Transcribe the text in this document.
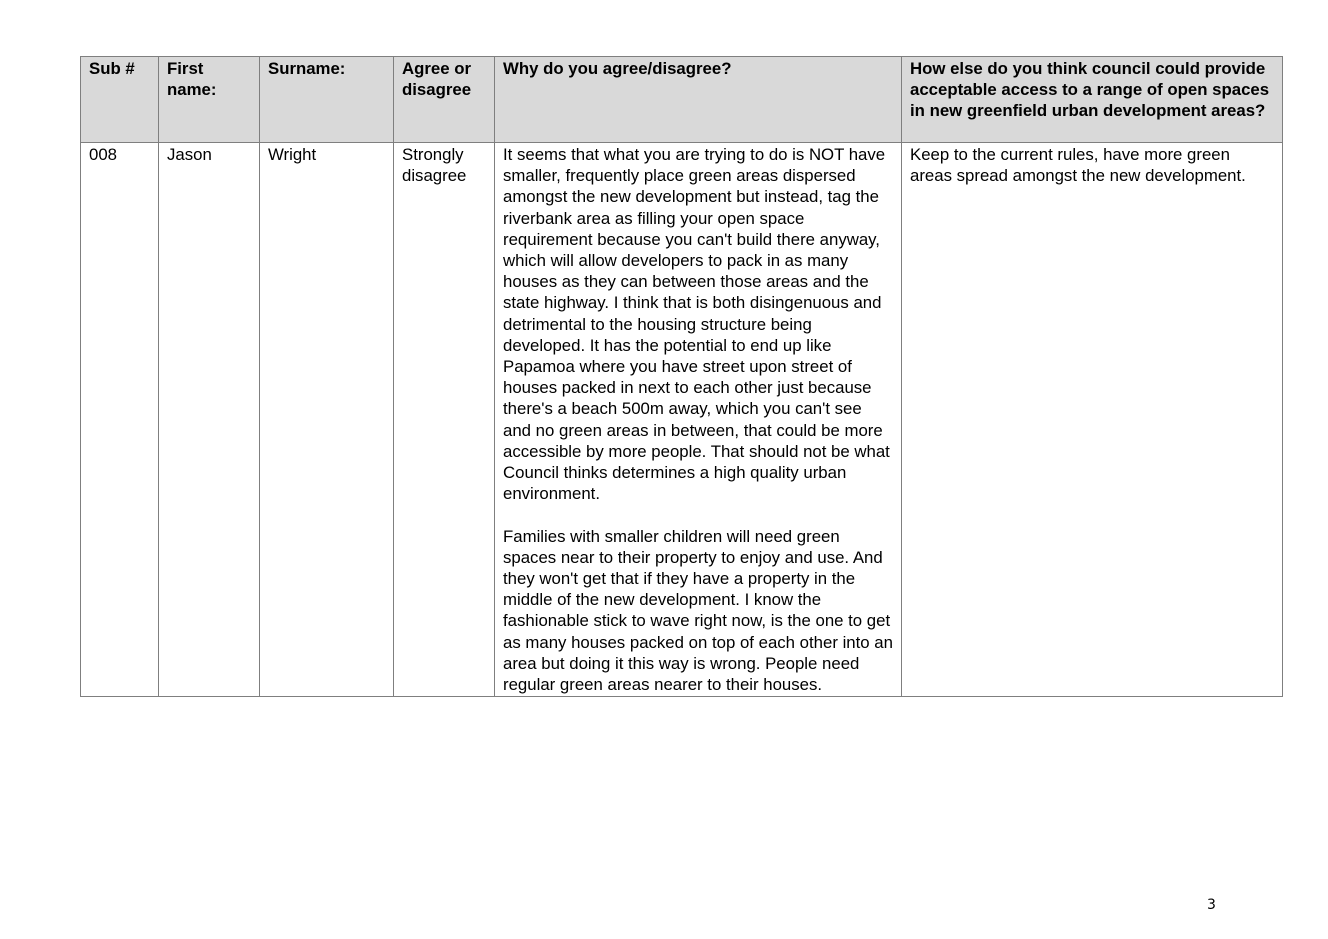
Sub #	First name:	Surname:	Agree or disagree	Why do you agree/disagree?	How else do you think council could provide acceptable access to a range of open spaces in new greenfield urban development areas?
008	Jason	Wright	Strongly disagree	It seems that what you are trying to do is NOT have smaller, frequently place green areas dispersed amongst the new development but instead, tag the riverbank area as filling your open space requirement because you can't build there anyway, which will allow developers to pack in as many houses as they can between those areas and the state highway. I think that is both disingenuous and detrimental to the housing structure being developed. It has the potential to end up like Papamoa where you have street upon street of houses packed in next to each other just because there's a beach 500m away, which you can't see and no green areas in between, that could be more accessible by more people. That should not be what Council thinks determines a high quality urban environment.

Families with smaller children will need green spaces near to their property to enjoy and use. And they won't get that if they have a property in the middle of the new development. I know the fashionable stick to wave right now, is the one to get as many houses packed on top of each other into an area but doing it this way is wrong. People need regular green areas nearer to their houses.	Keep to the current rules, have more green areas spread amongst the new development.
3
